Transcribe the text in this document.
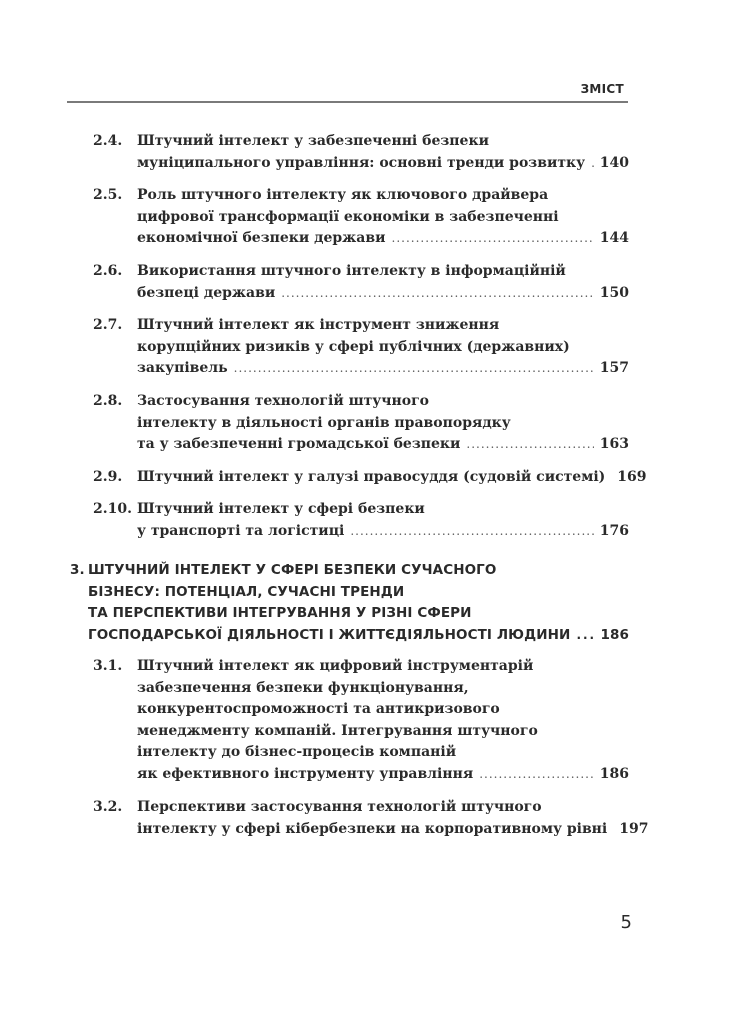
ЗМІСТ
2.4. Штучний інтелект у забезпеченні безпеки
муніципального управління: основні тренди розвитку ..... 140
2.5. Роль штучного інтелекту як ключового драйвера
цифрової трансформації економіки в забезпеченні
економічної безпеки держави .....	144
2.6. Використання штучного інтелекту в інформаційній
безпеці держави .....	150
2.7. Штучний інтелект як інструмент зниження
корупційних ризиків у сфері публічних (державних)
закупівель .....	157
2.8. Застосування технологій штучного
інтелекту в діяльності органів правопорядку
та у забезпеченні громадської безпеки .....	163
2.9. Штучний інтелект у галузі правосуддя (судовій системі) 169
2.10. Штучний інтелект у сфері безпеки
у транспорті та логістиці .....	176
3. ШТУЧНИЙ ІНТЕЛЕКТ У СФЕРІ БЕЗПЕКИ СУЧАСНОГО
БІЗНЕСУ: ПОТЕНЦІАЛ, СУЧАСНІ ТРЕНДИ
ТА ПЕРСПЕКТИВИ ІНТЕГРУВАННЯ У РІЗНІ СФЕРИ
ГОСПОДАРСЬКОЇ ДІЯЛЬНОСТІ І ЖИТТЄДІЯЛЬНОСТІ ЛЮДИНИ ..... 186
3.1. Штучний інтелект як цифровий інструментарій
забезпечення безпеки функціонування,
конкурентоспроможності та антикризового
менеджменту компаній. Інтегрування штучного
інтелекту до бізнес-процесів компаній
як ефективного інструменту управління .....	186
3.2. Перспективи застосування технологій штучного
інтелекту у сфері кібербезпеки на корпоративному рівні 197
5
